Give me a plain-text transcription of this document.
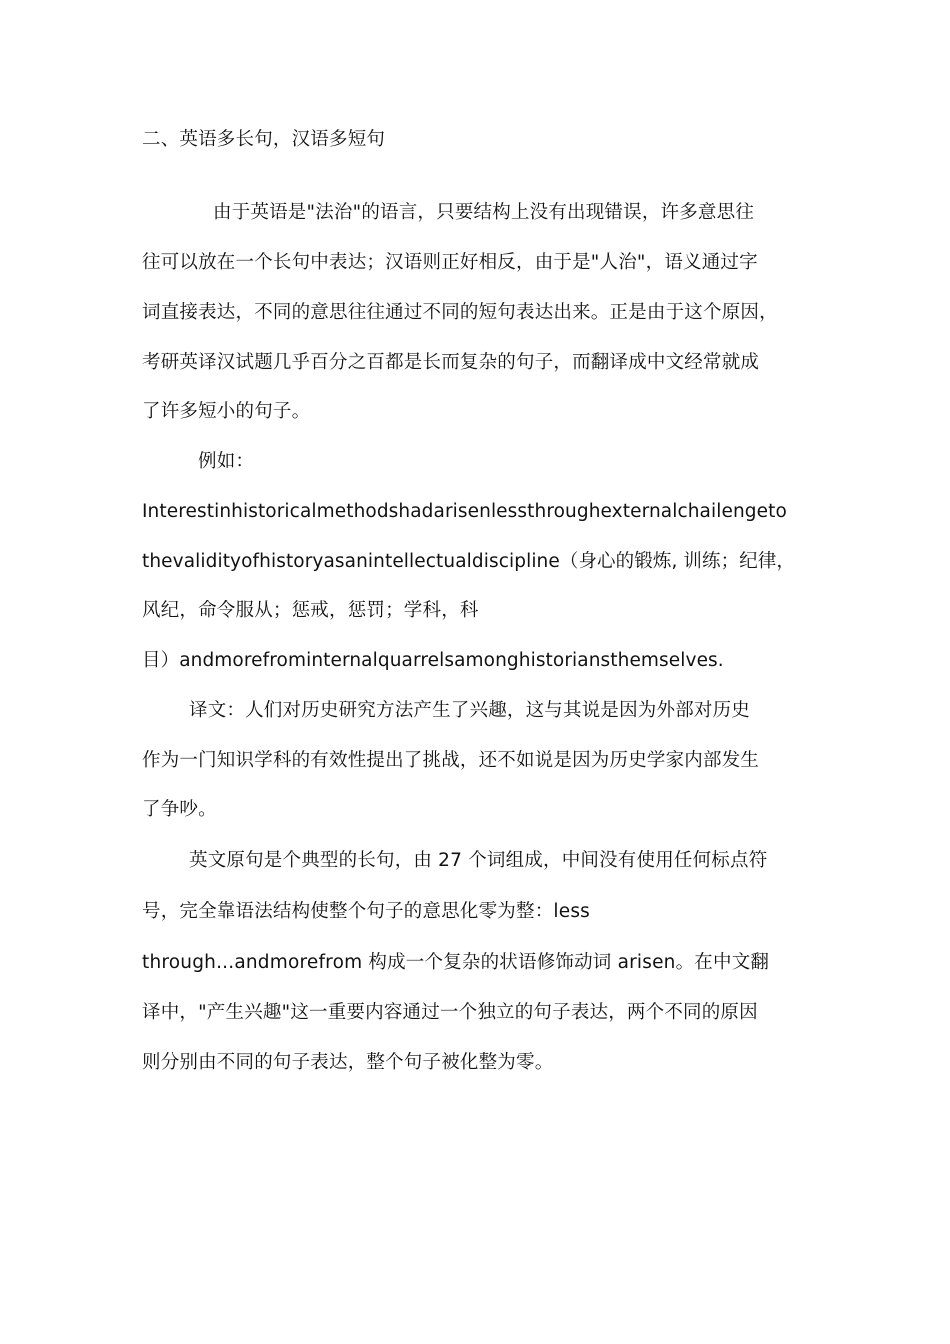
二、英语多长句，汉语多短句
由于英语是"法治"的语言，只要结构上没有出现错误，许多意思往
往可以放在一个长句中表达；汉语则正好相反，由于是"人治"，语义通过字
词直接表达，不同的意思往往通过不同的短句表达出来。正是由于这个原因，
考研英译汉试题几乎百分之百都是长而复杂的句子，而翻译成中文经常就成
了许多短小的句子。
例如：
Interestinhistoricalmethodshadarisenlessthroughexternalchailengeto
thevalidityofhistoryasanintellectualdiscipline（身心的锻炼, 训练；纪律，
风纪，命令服从；惩戒，惩罚；学科，科
目）andmorefrominternalquarrelsamonghistoriansthemselves.
译文：人们对历史研究方法产生了兴趣，这与其说是因为外部对历史
作为一门知识学科的有效性提出了挑战，还不如说是因为历史学家内部发生
了争吵。
英文原句是个典型的长句，由 27 个词组成，中间没有使用任何标点符
号，完全靠语法结构使整个句子的意思化零为整：less
through...andmorefrom 构成一个复杂的状语修饰动词 arisen。在中文翻
译中，"产生兴趣"这一重要内容通过一个独立的句子表达，两个不同的原因
则分别由不同的句子表达，整个句子被化整为零。
